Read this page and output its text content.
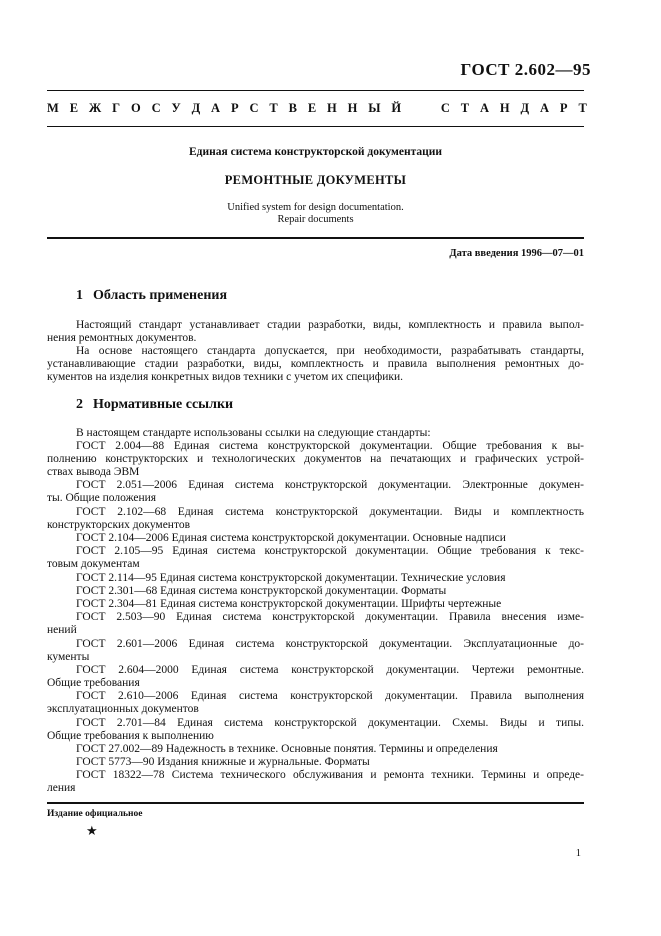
ГОСТ 2.602—95
М Е Ж Г О С У Д А Р С Т В Е Н Н Ы Й	С Т А Н Д А Р Т
Единая система конструкторской документации
РЕМОНТНЫЕ ДОКУМЕНТЫ
Unified system for design documentation.
Repair documents
Дата введения 1996—07—01
1 Область применения
Настоящий стандарт устанавливает стадии разработки, виды, комплектность и правила выпол-
нения ремонтных документов.
На основе настоящего стандарта допускается, при необходимости, разрабатывать стандарты,
устанавливающие стадии разработки, виды, комплектность и правила выполнения ремонтных до-
кументов на изделия конкретных видов техники с учетом их специфики.
2 Нормативные ссылки
В настоящем стандарте использованы ссылки на следующие стандарты:
ГОСТ 2.004—88 Единая система конструкторской документации. Общие требования к вы-
полнению конструкторских и технологических документов на печатающих и графических устрой-
ствах вывода ЭВМ
ГОСТ 2.051—2006 Единая система конструкторской документации. Электронные докумен-
ты. Общие положения
ГОСТ 2.102—68 Единая система конструкторской документации. Виды и комплектность
конструкторских документов
ГОСТ 2.104—2006 Единая система конструкторской документации. Основные надписи
ГОСТ 2.105—95 Единая система конструкторской документации. Общие требования к текс-
товым документам
ГОСТ 2.114—95 Единая система конструкторской документации. Технические условия
ГОСТ 2.301—68 Единая система конструкторской документации. Форматы
ГОСТ 2.304—81 Единая система конструкторской документации. Шрифты чертежные
ГОСТ 2.503—90 Единая система конструкторской документации. Правила внесения изме-
нений
ГОСТ 2.601—2006 Единая система конструкторской документации. Эксплуатационные до-
кументы
ГОСТ 2.604—2000 Единая система конструкторской документации. Чертежи ремонтные.
Общие требования
ГОСТ 2.610—2006 Единая система конструкторской документации. Правила выполнения
эксплуатационных документов
ГОСТ 2.701—84 Единая система конструкторской документации. Схемы. Виды и типы.
Общие требования к выполнению
ГОСТ 27.002—89 Надежность в технике. Основные понятия. Термины и определения
ГОСТ 5773—90 Издания книжные и журнальные. Форматы
ГОСТ 18322—78 Система технического обслуживания и ремонта техники. Термины и опреде-
ления
Издание официальное
★
1
